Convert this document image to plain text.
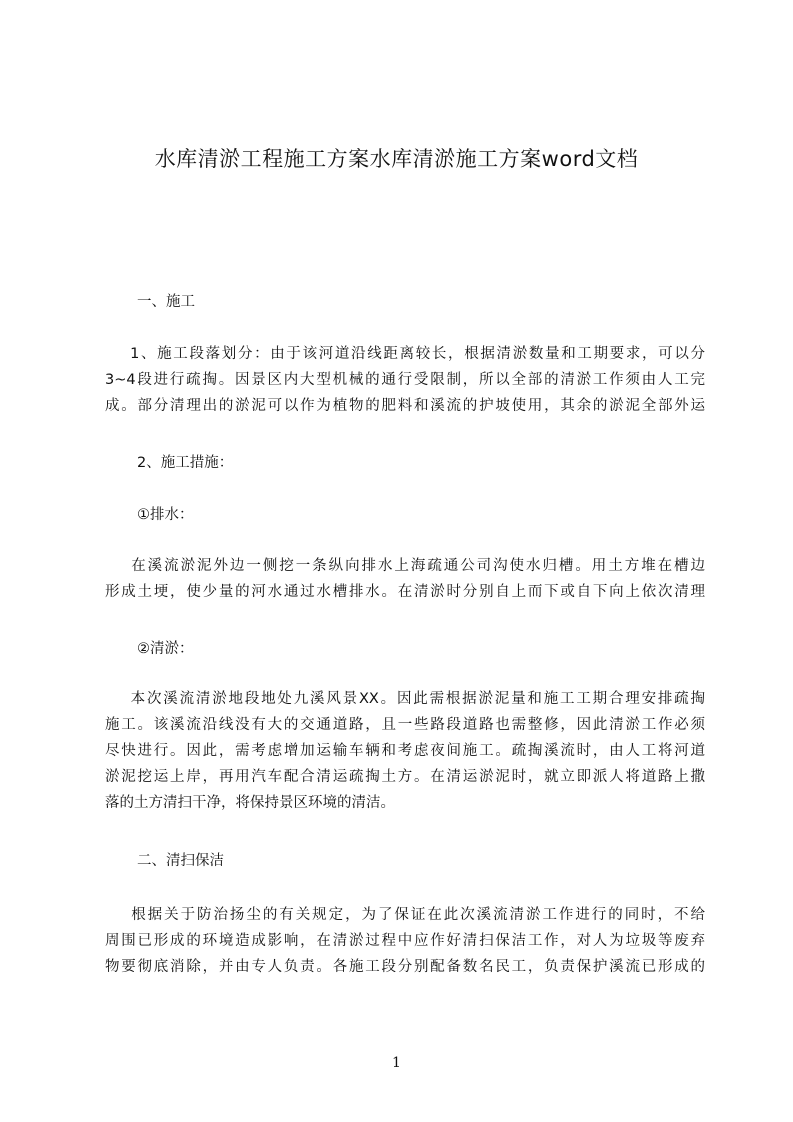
水库清淤工程施工方案水库清淤施工方案word文档
一、施工
1、施工段落划分：由于该河道沿线距离较长，根据清淤数量和工期要求，可以分
3~4段进行疏掏。因景区内大型机械的通行受限制，所以全部的清淤工作须由人工完
成。部分清理出的淤泥可以作为植物的肥料和溪流的护坡使用，其余的淤泥全部外运
2、施工措施：
①排水：
在溪流淤泥外边一侧挖一条纵向排水上海疏通公司沟使水归槽。用土方堆在槽边
形成土埂，使少量的河水通过水槽排水。在清淤时分别自上而下或自下向上依次清理
②清淤：
本次溪流清淤地段地处九溪风景XX。因此需根据淤泥量和施工工期合理安排疏掏
施工。该溪流沿线没有大的交通道路，且一些路段道路也需整修，因此清淤工作必须
尽快进行。因此，需考虑增加运输车辆和考虑夜间施工。疏掏溪流时，由人工将河道
淤泥挖运上岸，再用汽车配合清运疏掏土方。在清运淤泥时，就立即派人将道路上撒
落的土方清扫干净，将保持景区环境的清洁。
二、清扫保洁
根据关于防治扬尘的有关规定，为了保证在此次溪流清淤工作进行的同时，不给
周围已形成的环境造成影响，在清淤过程中应作好清扫保洁工作，对人为垃圾等废弃
物要彻底消除，并由专人负责。各施工段分别配备数名民工，负责保护溪流已形成的
1
